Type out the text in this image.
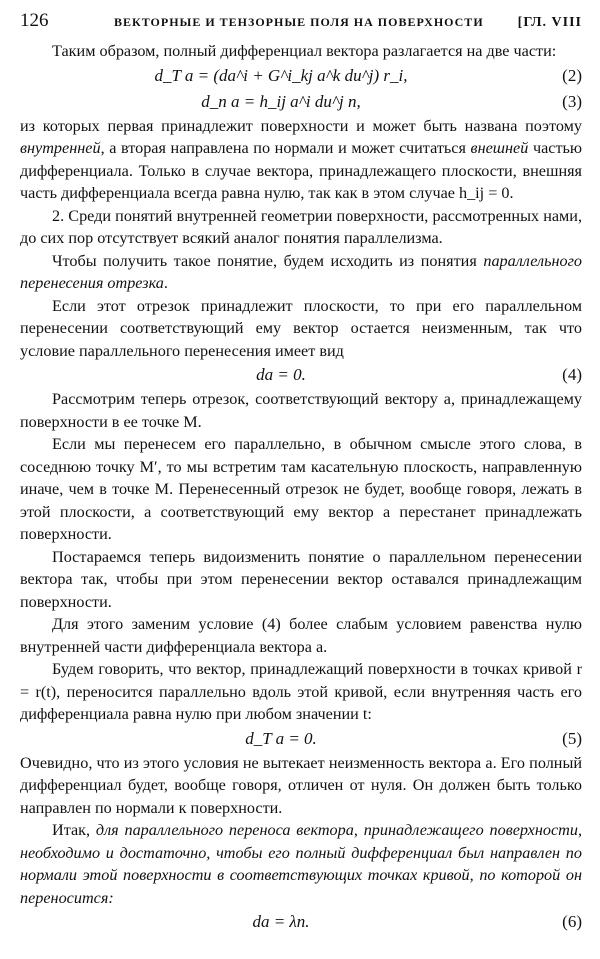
126	ВЕКТОРНЫЕ И ТЕНЗОРНЫЕ ПОЛЯ НА ПОВЕРХНОСТИ	[ГЛ. VIII

Таким образом, полный дифференциал вектора разлагается на две части:

d_T a = (da^i + G^i_kj a^k du^j) r_i,	(2)
d_n a = h_ij a^i du^j n,	(3)

из которых первая принадлежит поверхности и может быть названа поэтому внутренней, а вторая направлена по нормали и может считаться внешней частью дифференциала. Только в случае вектора, принадлежащего плоскости, внешняя часть дифференциала всегда равна нулю, так как в этом случае h_ij = 0.

2. Среди понятий внутренней геометрии поверхности, рассмотренных нами, до сих пор отсутствует всякий аналог понятия параллелизма.

Чтобы получить такое понятие, будем исходить из понятия параллельного перенесения отрезка.

Если этот отрезок принадлежит плоскости, то при его параллельном перенесении соответствующий ему вектор остается неизменным, так что условие параллельного перенесения имеет вид

da = 0.	(4)

Рассмотрим теперь отрезок, соответствующий вектору a, принадлежащему поверхности в ее точке M.

Если мы перенесем его параллельно, в обычном смысле этого слова, в соседнюю точку M′, то мы встретим там касательную плоскость, направленную иначе, чем в точке M. Перенесенный отрезок не будет, вообще говоря, лежать в этой плоскости, а соответствующий ему вектор a перестанет принадлежать поверхности.

Постараемся теперь видоизменить понятие о параллельном перенесении вектора так, чтобы при этом перенесении вектор оставался принадлежащим поверхности.

Для этого заменим условие (4) более слабым условием равенства нулю внутренней части дифференциала вектора a.

Будем говорить, что вектор, принадлежащий поверхности в точках кривой r = r(t), переносится параллельно вдоль этой кривой, если внутренняя часть его дифференциала равна нулю при любом значении t:

d_T a = 0.	(5)

Очевидно, что из этого условия не вытекает неизменность вектора a. Его полный дифференциал будет, вообще говоря, отличен от нуля. Он должен быть только направлен по нормали к поверхности.

Итак, для параллельного переноса вектора, принадлежащего поверхности, необходимо и достаточно, чтобы его полный дифференциал был направлен по нормали этой поверхности в соответствующих точках кривой, по которой он переносится:

da = λn.	(6)
